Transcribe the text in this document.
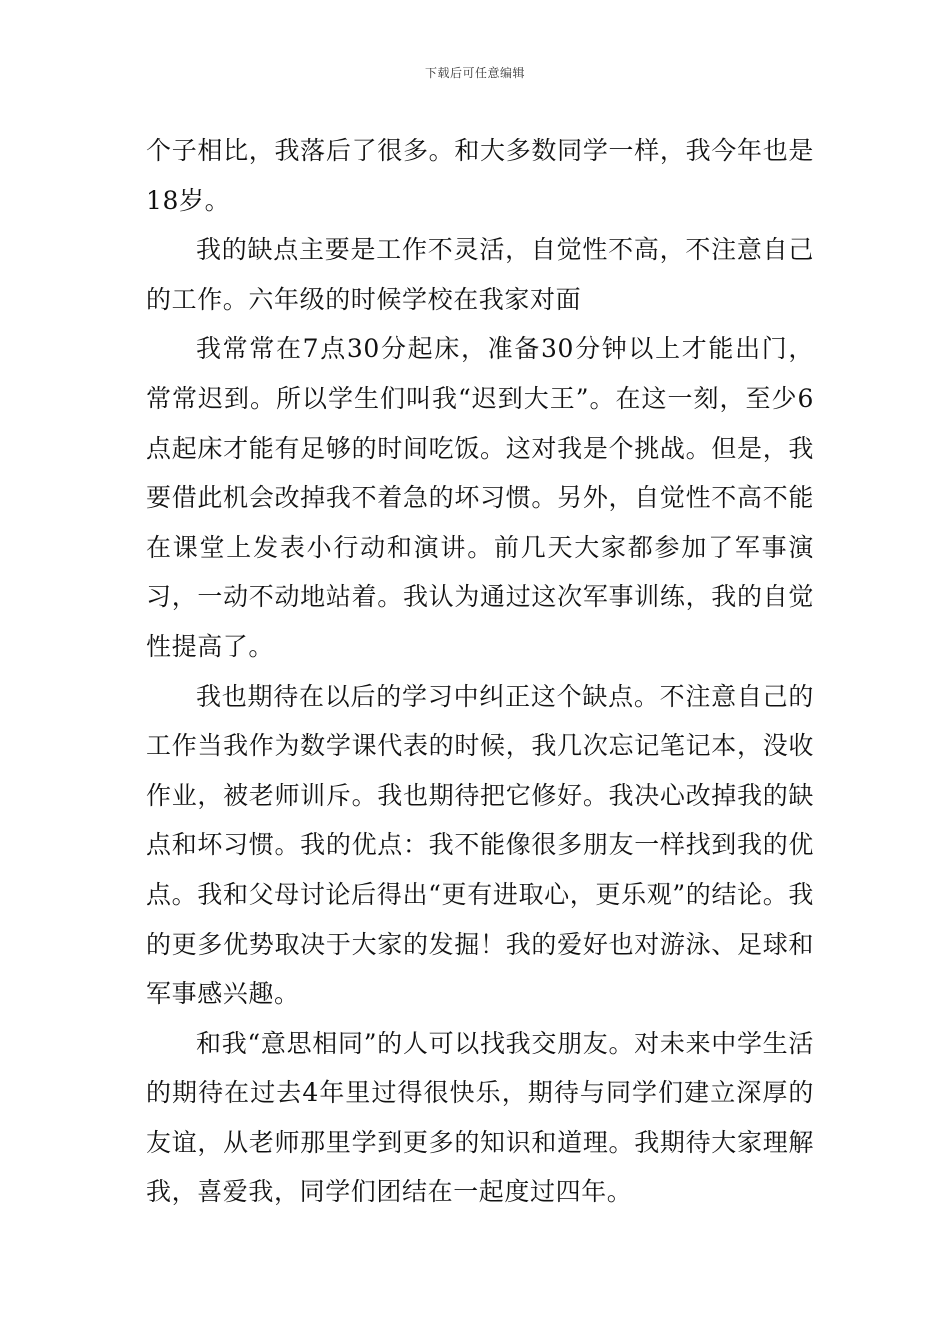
下载后可任意编辑

个子相比，我落后了很多。和大多数同学一样，我今年也是18岁。

我的缺点主要是工作不灵活，自觉性不高，不注意自己的工作。六年级的时候学校在我家对面

我常常在7点30分起床，准备30分钟以上才能出门，常常迟到。所以学生们叫我“迟到大王”。在这一刻，至少6点起床才能有足够的时间吃饭。这对我是个挑战。但是，我要借此机会改掉我不着急的坏习惯。另外，自觉性不高不能在课堂上发表小行动和演讲。前几天大家都参加了军事演习，一动不动地站着。我认为通过这次军事训练，我的自觉性提高了。

我也期待在以后的学习中纠正这个缺点。不注意自己的工作当我作为数学课代表的时候，我几次忘记笔记本，没收作业，被老师训斥。我也期待把它修好。我决心改掉我的缺点和坏习惯。我的优点：我不能像很多朋友一样找到我的优点。我和父母讨论后得出“更有进取心，更乐观”的结论。我的更多优势取决于大家的发掘！我的爱好也对游泳、足球和军事感兴趣。

和我“意思相同”的人可以找我交朋友。对未来中学生活的期待在过去4年里过得很快乐，期待与同学们建立深厚的友谊，从老师那里学到更多的知识和道理。我期待大家理解我，喜爱我，同学们团结在一起度过四年。
